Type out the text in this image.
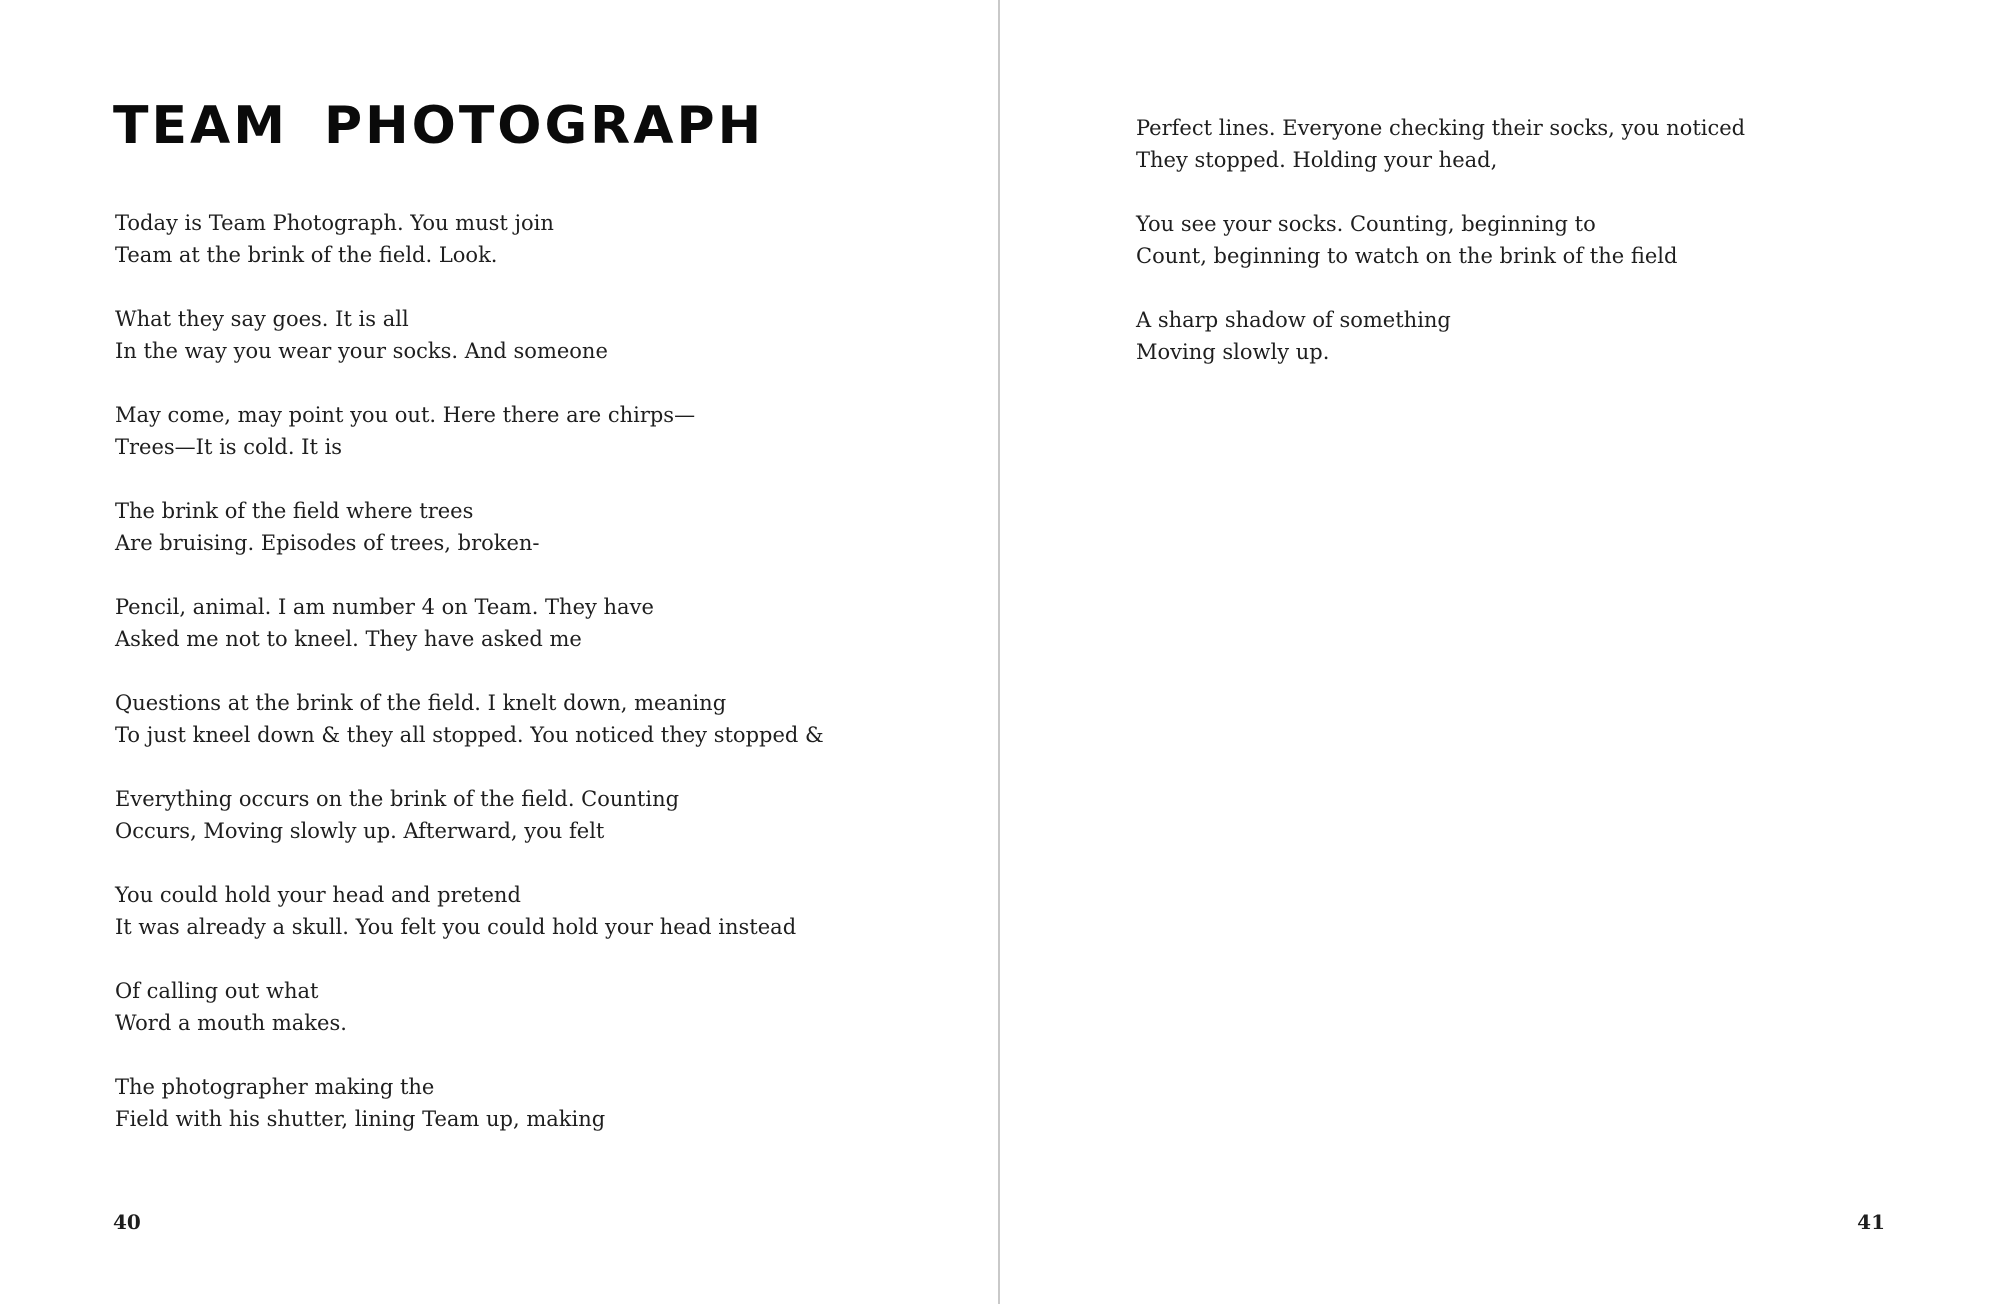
TEAM PHOTOGRAPH
Today is Team Photograph. You must join
Team at the brink of the field. Look.
What they say goes. It is all
In the way you wear your socks. And someone
May come, may point you out. Here there are chirps—
Trees—It is cold. It is
The brink of the field where trees
Are bruising. Episodes of trees, broken-
Pencil, animal. I am number 4 on Team. They have
Asked me not to kneel. They have asked me
Questions at the brink of the field. I knelt down, meaning
To just kneel down & they all stopped. You noticed they stopped &
Everything occurs on the brink of the field. Counting
Occurs, Moving slowly up. Afterward, you felt
You could hold your head and pretend
It was already a skull. You felt you could hold your head instead
Of calling out what
Word a mouth makes.
The photographer making the
Field with his shutter, lining Team up, making
40
Perfect lines. Everyone checking their socks, you noticed
They stopped. Holding your head,
You see your socks. Counting, beginning to
Count, beginning to watch on the brink of the field
A sharp shadow of something
Moving slowly up.
41
